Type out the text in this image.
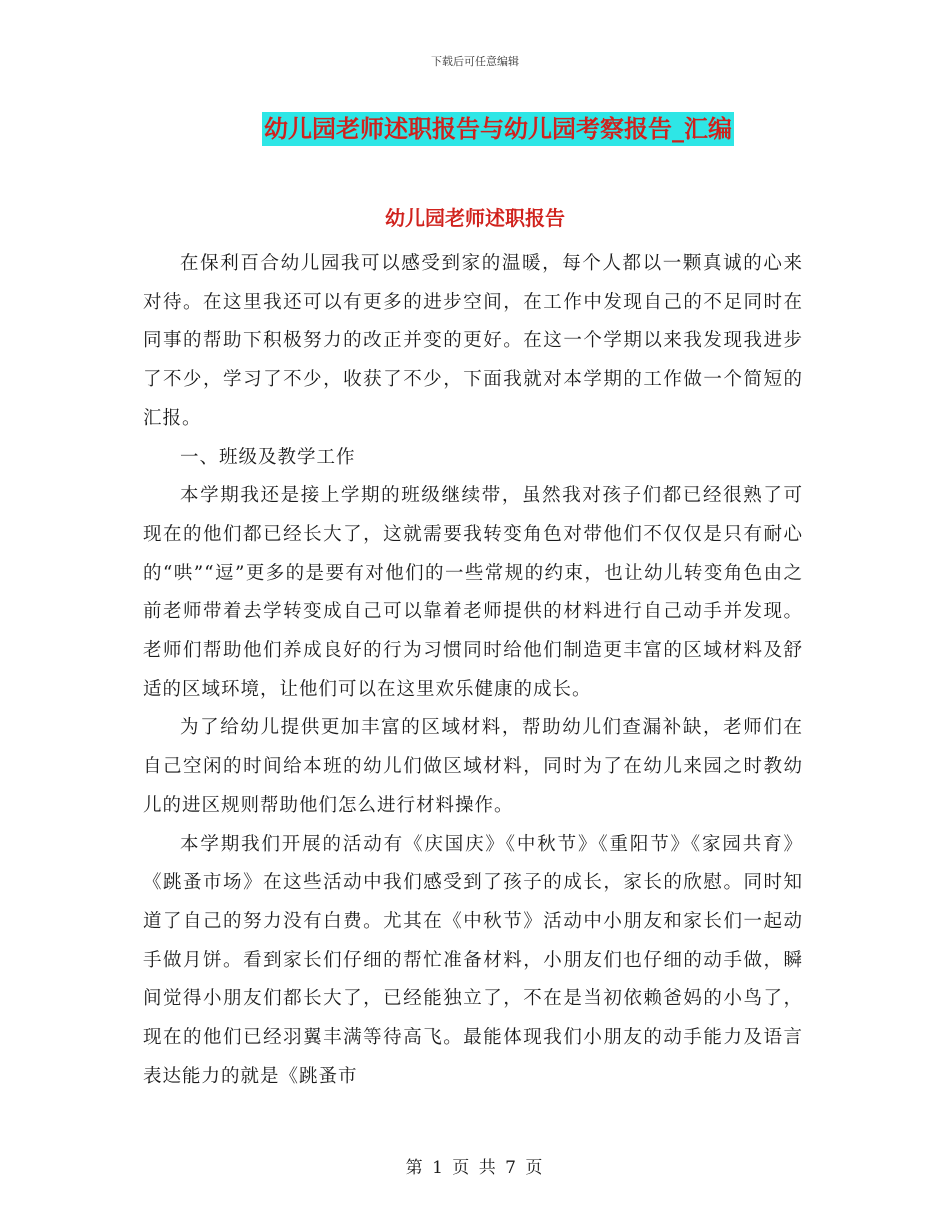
下载后可任意编辑
幼儿园老师述职报告与幼儿园考察报告_汇编
幼儿园老师述职报告

在保利百合幼儿园我可以感受到家的温暖，每个人都以一颗真诚的心来对待。在这里我还可以有更多的进步空间，在工作中发现自己的不足同时在同事的帮助下积极努力的改正并变的更好。在这一个学期以来我发现我进步了不少，学习了不少，收获了不少，下面我就对本学期的工作做一个简短的汇报。

一、班级及教学工作

本学期我还是接上学期的班级继续带，虽然我对孩子们都已经很熟了可现在的他们都已经长大了，这就需要我转变角色对带他们不仅仅是只有耐心的“哄”“逗”更多的是要有对他们的一些常规的约束，也让幼儿转变角色由之前老师带着去学转变成自己可以靠着老师提供的材料进行自己动手并发现。老师们帮助他们养成良好的行为习惯同时给他们制造更丰富的区域材料及舒适的区域环境，让他们可以在这里欢乐健康的成长。

为了给幼儿提供更加丰富的区域材料，帮助幼儿们查漏补缺，老师们在自己空闲的时间给本班的幼儿们做区域材料，同时为了在幼儿来园之时教幼儿的进区规则帮助他们怎么进行材料操作。

本学期我们开展的活动有《庆国庆》《中秋节》《重阳节》《家园共育》《跳蚤市场》在这些活动中我们感受到了孩子的成长，家长的欣慰。同时知道了自己的努力没有白费。尤其在《中秋节》活动中小朋友和家长们一起动手做月饼。看到家长们仔细的帮忙准备材料，小朋友们也仔细的动手做，瞬间觉得小朋友们都长大了，已经能独立了，不在是当初依赖爸妈的小鸟了，现在的他们已经羽翼丰满等待高飞。最能体现我们小朋友的动手能力及语言表达能力的就是《跳蚤市

第 1 页 共 7 页
